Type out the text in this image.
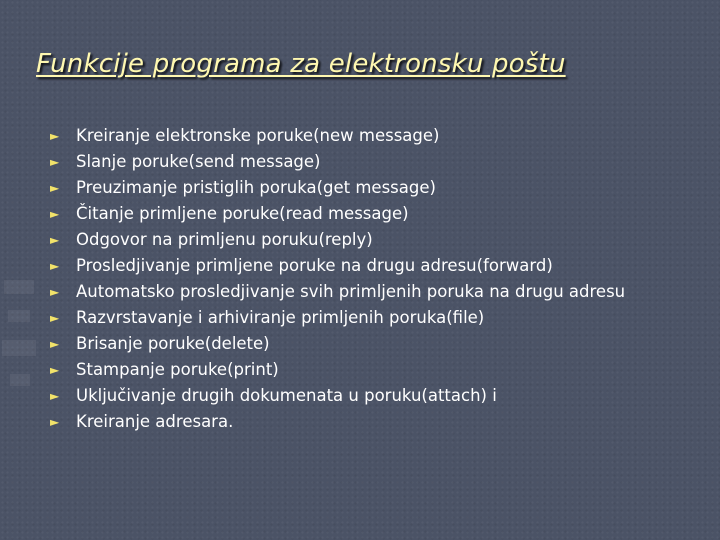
Funkcije programa za elektronsku poštu
►	Kreiranje elektronske poruke(new message)
►	Slanje poruke(send message)
►	Preuzimanje pristiglih poruka(get message)
►	Čitanje primljene poruke(read message)
►	Odgovor na primljenu poruku(reply)
►	Prosledjivanje primljene poruke na drugu adresu(forward)
►	Automatsko prosledjivanje svih primljenih poruka na drugu adresu
►	Razvrstavanje i arhiviranje primljenih poruka(file)
►	Brisanje poruke(delete)
►	Stampanje poruke(print)
►	Uključivanje drugih dokumenata u poruku(attach) i
►	Kreiranje adresara.
